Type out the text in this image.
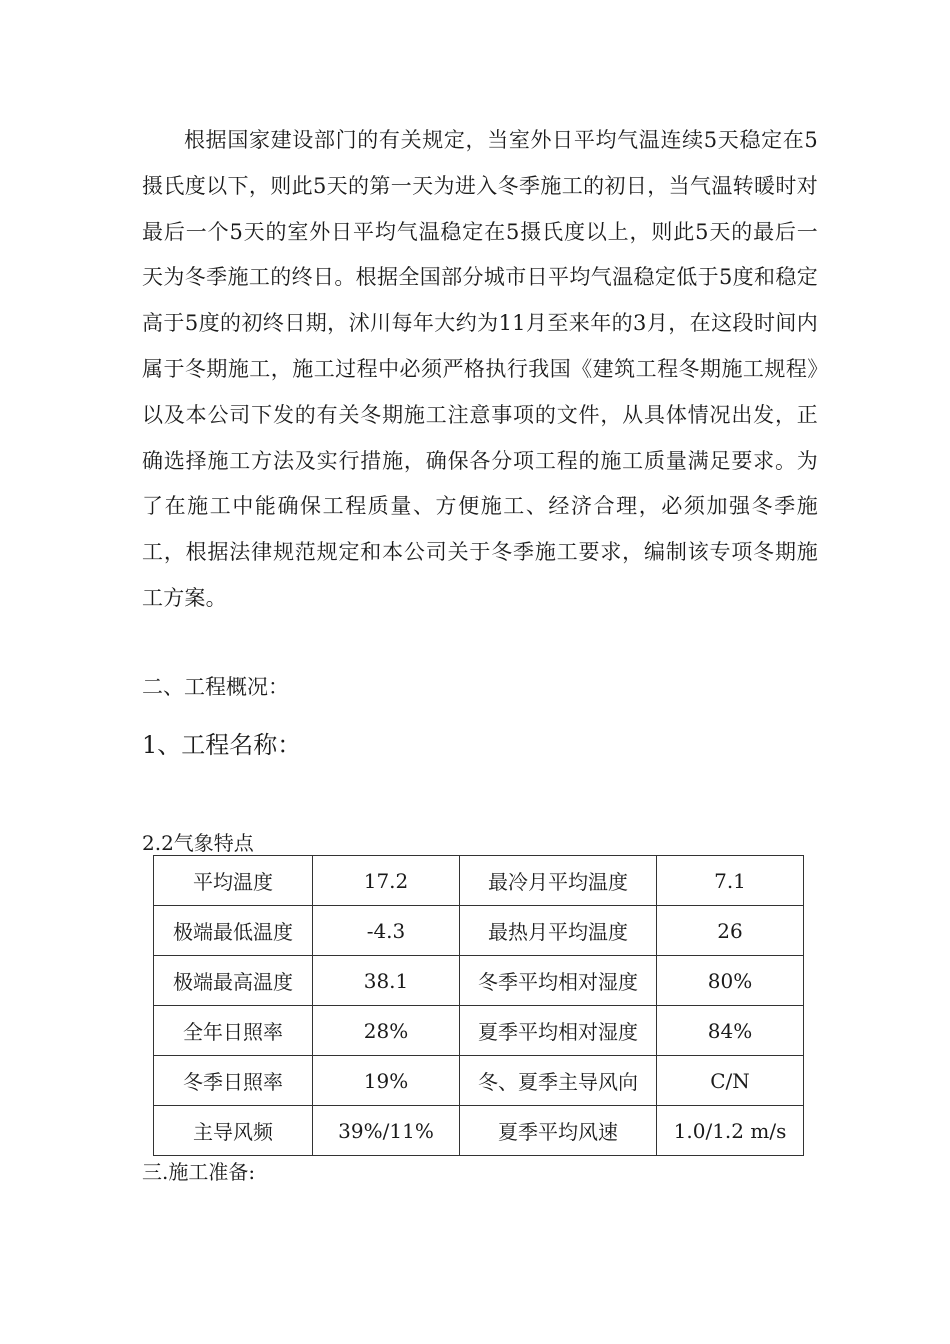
根据国家建设部门的有关规定，当室外日平均气温连续5天稳定在5摄氏度以下，则此5天的第一天为进入冬季施工的初日，当气温转暖时对最后一个5天的室外日平均气温稳定在5摄氏度以上，则此5天的最后一天为冬季施工的终日。根据全国部分城市日平均气温稳定低于5度和稳定高于5度的初终日期，沭川每年大约为11月至来年的3月，在这段时间内属于冬期施工，施工过程中必须严格执行我国《建筑工程冬期施工规程》以及本公司下发的有关冬期施工注意事项的文件，从具体情况出发，正确选择施工方法及实行措施，确保各分项工程的施工质量满足要求。为了在施工中能确保工程质量、方便施工、经济合理，必须加强冬季施工，根据法律规范规定和本公司关于冬季施工要求，编制该专项冬期施工方案。

二、工程概况：
1、工程名称：
2.2气象特点
平均温度	17.2	最冷月平均温度	7.1
极端最低温度	-4.3	最热月平均温度	26
极端最高温度	38.1	冬季平均相对湿度	80%
全年日照率	28%	夏季平均相对湿度	84%
冬季日照率	19%	冬、夏季主导风向	C/N
主导风频	39%/11%	夏季平均风速	1.0/1.2 m/s
三.施工准备:
